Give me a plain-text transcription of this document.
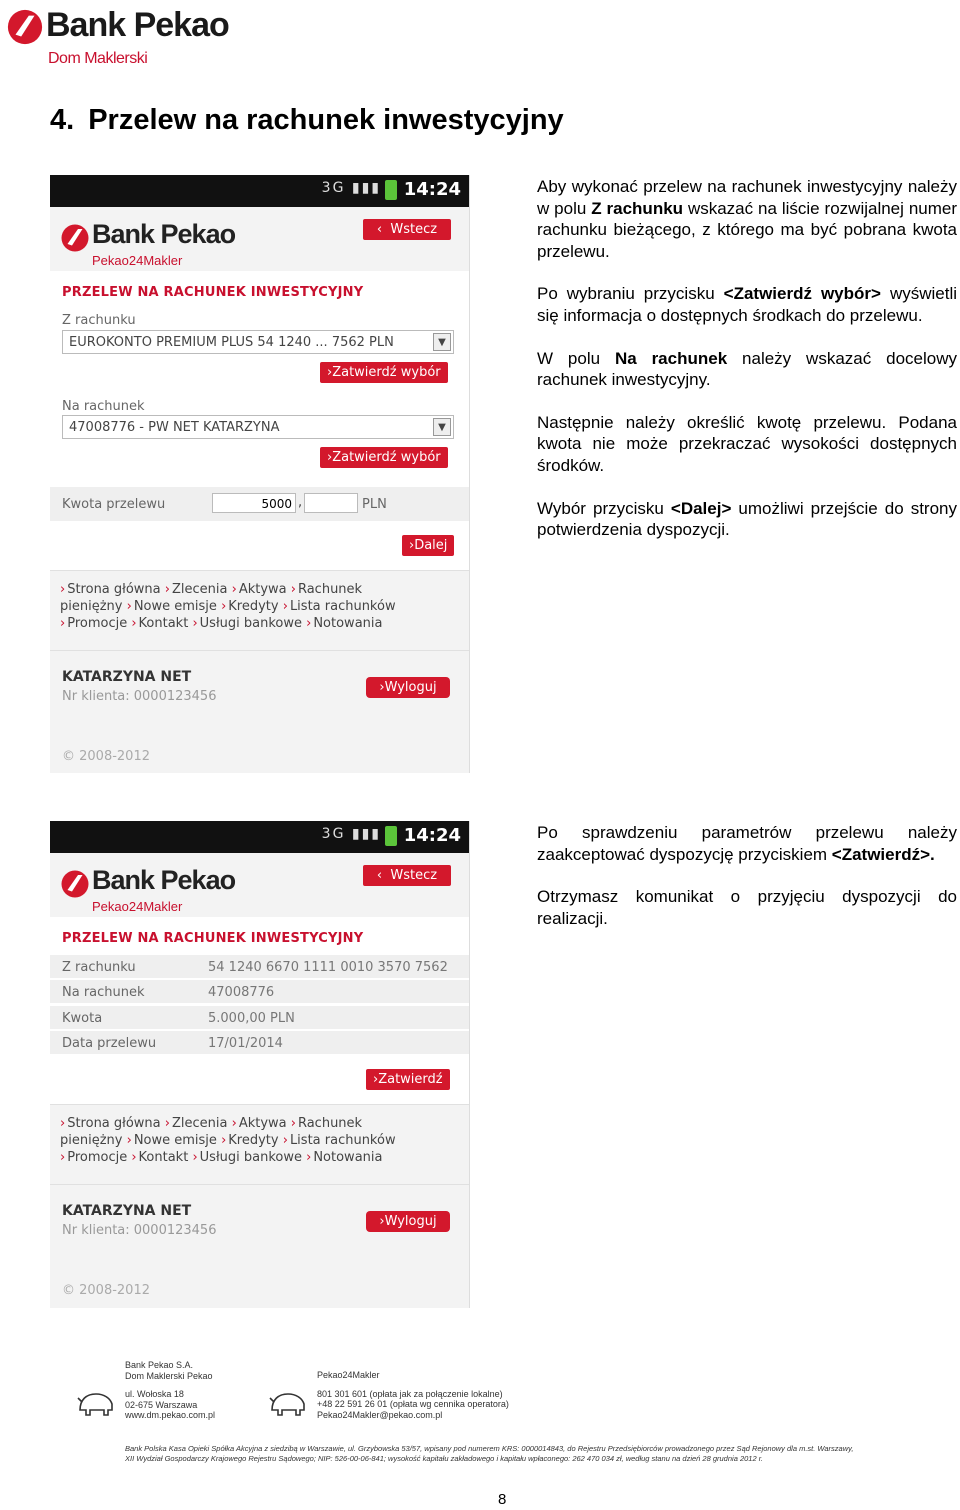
Bank Pekao
Dom Maklerski
4. Przelew na rachunek inwestycyjny
3G ▮▮▮ 14:24
Bank Pekao
Pekao24Makler
‹  Wstecz
PRZELEW NA RACHUNEK INWESTYCYJNY
Z rachunku
EUROKONTO PREMIUM PLUS 54 1240 ... 7562 PLN	▼
›Zatwierdź wybór
Na rachunek
47008776 - PW NET KATARZYNA	▼
›Zatwierdź wybór
Kwota przelewu	5000 ,	PLN
›Dalej
› Strona główna › Zlecenia › Aktywa › Rachunek
pieniężny › Nowe emisje › Kredyty › Lista rachunków
› Promocje › Kontakt › Usługi bankowe › Notowania
KATARZYNA NET
Nr klienta: 0000123456
›Wyloguj
© 2008-2012

Aby wykonać przelew na rachunek inwestycyjny należy w polu Z rachunku wskazać na liście rozwijalnej numer rachunku bieżącego, z którego ma być pobrana kwota przelewu.

Po wybraniu przycisku <Zatwierdź wybór> wyświetli się informacja o dostępnych środkach do przelewu.

W polu Na rachunek należy wskazać docelowy rachunek inwestycyjny.

Następnie należy określić kwotę przelewu. Podana kwota nie może przekraczać wysokości dostępnych środków.

Wybór przycisku <Dalej> umożliwi przejście do strony potwierdzenia dyspozycji.

3G ▮▮▮ 14:24
Bank Pekao
Pekao24Makler
‹  Wstecz
PRZELEW NA RACHUNEK INWESTYCYJNY
Z rachunku	54 1240 6670 1111 0010 3570 7562
Na rachunek	47008776
Kwota	5.000,00 PLN
Data przelewu	17/01/2014
›Zatwierdź
› Strona główna › Zlecenia › Aktywa › Rachunek
pieniężny › Nowe emisje › Kredyty › Lista rachunków
› Promocje › Kontakt › Usługi bankowe › Notowania
KATARZYNA NET
Nr klienta: 0000123456
›Wyloguj
© 2008-2012

Po sprawdzeniu parametrów przelewu należy zaakceptować dyspozycję przyciskiem <Zatwierdź>.

Otrzymasz komunikat o przyjęciu dyspozycji do realizacji.

Bank Pekao S.A.
Dom Maklerski Pekao
ul. Wołoska 18
02-675 Warszawa
www.dm.pekao.com.pl
Pekao24Makler
801 301 601 (opłata jak za połączenie lokalne)
+48 22 591 26 01 (opłata wg cennika operatora)
Pekao24Makler@pekao.com.pl
Bank Polska Kasa Opieki Spółka Akcyjna z siedzibą w Warszawie, ul. Grzybowska 53/57, wpisany pod numerem KRS: 0000014843, do Rejestru Przedsiębiorców prowadzonego przez Sąd Rejonowy dla m.st. Warszawy,
XII Wydział Gospodarczy Krajowego Rejestru Sądowego; NIP: 526-00-06-841; wysokość kapitału zakładowego i kapitału wpłaconego: 262 470 034 zł, według stanu na dzień 28 grudnia 2012 r.
8
